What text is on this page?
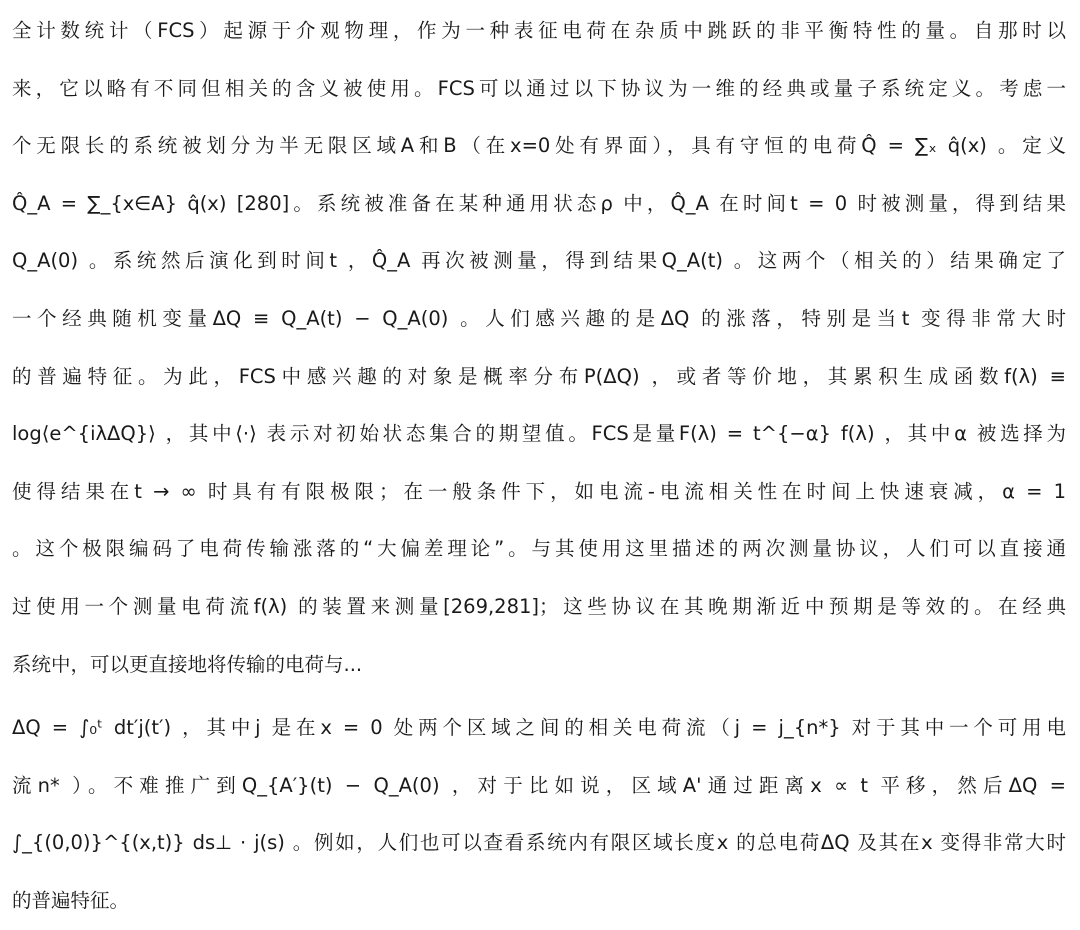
全计数统计（FCS）起源于介观物理，作为一种表征电荷在杂质中跳跃的非平衡特性的量。自那时以
来，它以略有不同但相关的含义被使用。FCS可以通过以下协议为一维的经典或量子系统定义。考虑一
个无限长的系统被划分为半无限区域A和B（在x=0处有界面），具有守恒的电荷Q̂ = ∑ₓ q̂(x) 。定义
Q̂_A = ∑_{x∈A} q̂(x) [280]。系统被准备在某种通用状态ρ 中，Q̂_A 在时间t = 0 时被测量，得到结果
Q_A(0) 。系统然后演化到时间t ，Q̂_A 再次被测量，得到结果Q_A(t) 。这两个（相关的）结果确定了
一个经典随机变量ΔQ ≡ Q_A(t) − Q_A(0) 。人们感兴趣的是ΔQ 的涨落，特别是当t 变得非常大时
的普遍特征。为此，FCS中感兴趣的对象是概率分布P(ΔQ) ，或者等价地，其累积生成函数f(λ) ≡
log⟨e^{iλΔQ}⟩ ，其中⟨·⟩ 表示对初始状态集合的期望值。FCS是量F(λ) = t^{−α} f(λ) ，其中α 被选择为
使得结果在t → ∞ 时具有有限极限；在一般条件下，如电流-电流相关性在时间上快速衰减，α = 1
。这个极限编码了电荷传输涨落的“大偏差理论”。与其使用这里描述的两次测量协议，人们可以直接通
过使用一个测量电荷流f(λ) 的装置来测量[269,281]；这些协议在其晚期渐近中预期是等效的。在经典
系统中，可以更直接地将传输的电荷与...

ΔQ = ∫₀ᵗ dt′j(t′) ，其中j 是在x = 0 处两个区域之间的相关电荷流（j = j_{n*} 对于其中一个可用电
流n* ）。不难推广到Q_{A′}(t) − Q_A(0) ，对于比如说，区域A'通过距离x ∝ t 平移，然后ΔQ =
∫_{(0,0)}^{(x,t)} ds⊥ · j(s) 。例如，人们也可以查看系统内有限区域长度x 的总电荷ΔQ 及其在x 变得非常大时
的普遍特征。
